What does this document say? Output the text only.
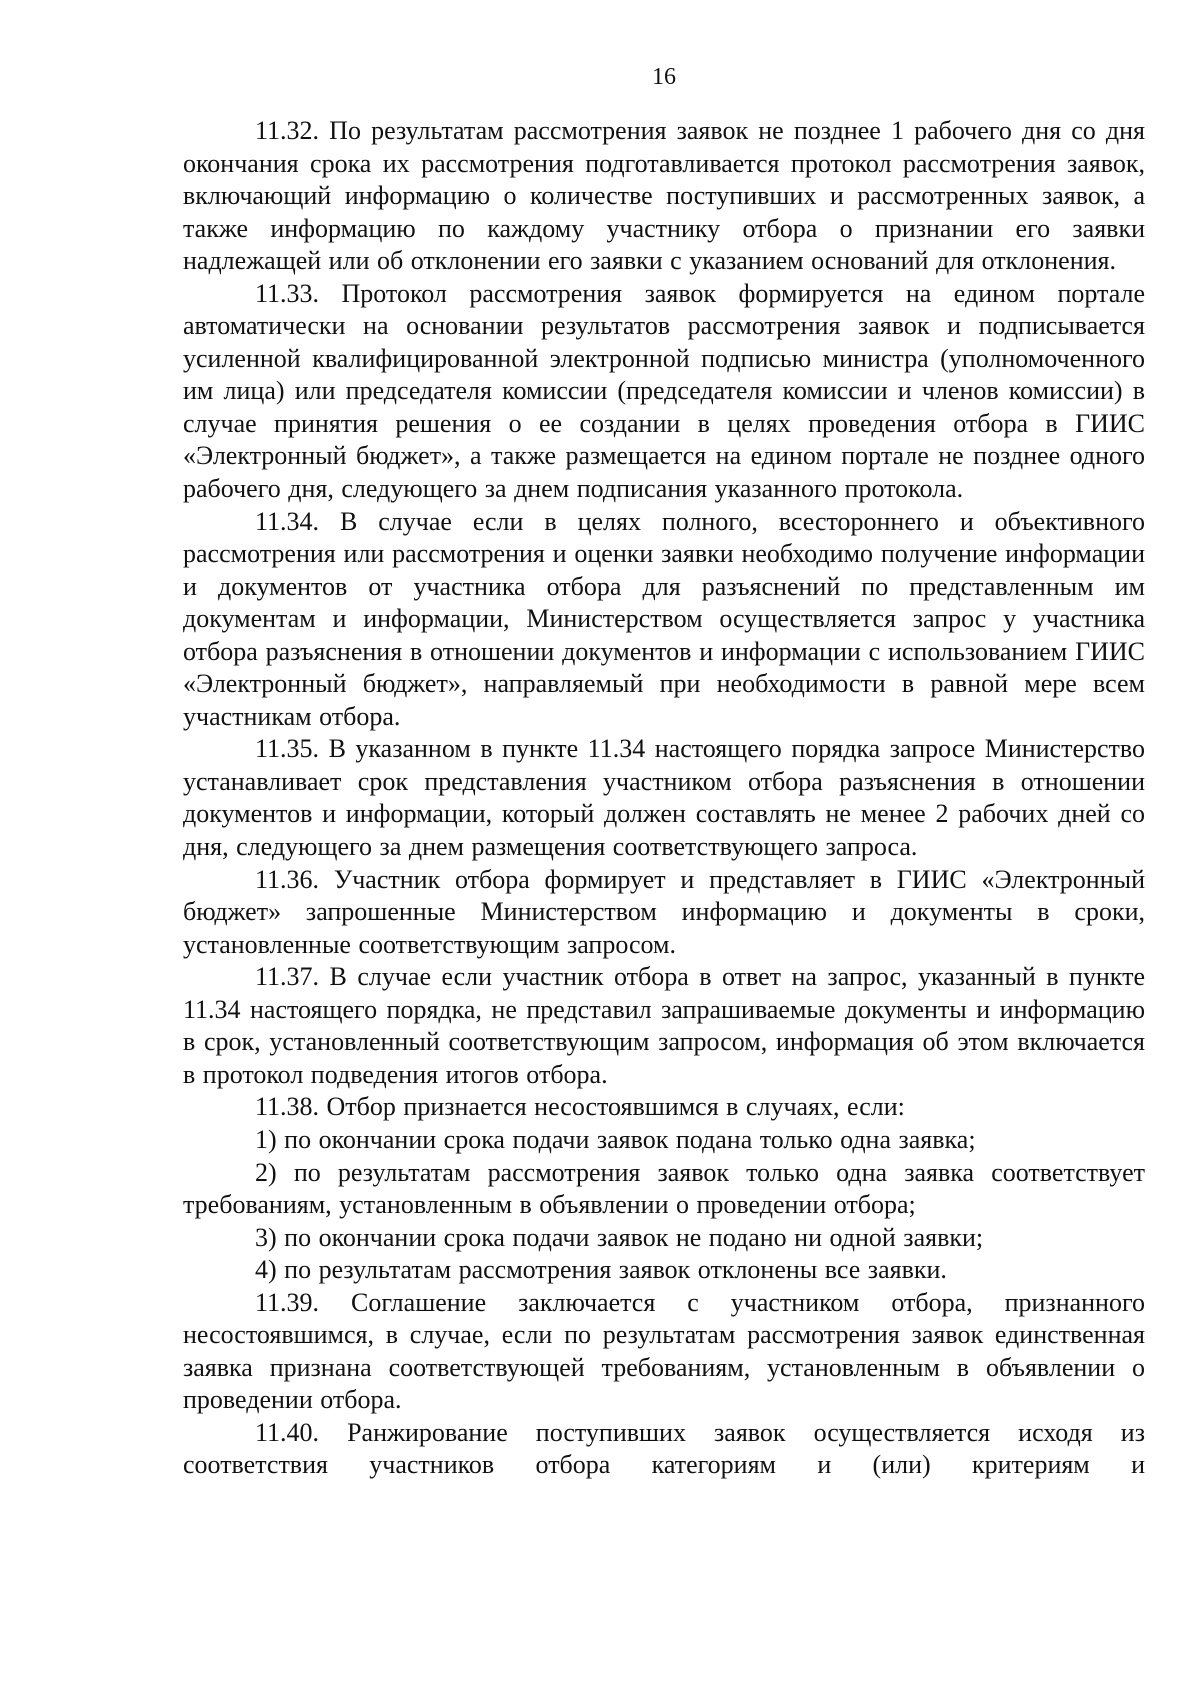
16

11.32. По результатам рассмотрения заявок не позднее 1 рабочего дня со дня окончания срока их рассмотрения подготавливается протокол рассмотрения заявок, включающий информацию о количестве поступивших и рассмотренных заявок, а также информацию по каждому участнику отбора о признании его заявки надлежащей или об отклонении его заявки с указанием оснований для отклонения.

11.33. Протокол рассмотрения заявок формируется на едином портале автоматически на основании результатов рассмотрения заявок и подписывается усиленной квалифицированной электронной подписью министра (уполномоченного им лица) или председателя комиссии (председателя комиссии и членов комиссии) в случае принятия решения о ее создании в целях проведения отбора в ГИИС «Электронный бюджет», а также размещается на едином портале не позднее одного рабочего дня, следующего за днем подписания указанного протокола.

11.34. В случае если в целях полного, всестороннего и объективного рассмотрения или рассмотрения и оценки заявки необходимо получение информации и документов от участника отбора для разъяснений по представленным им документам и информации, Министерством осуществляется запрос у участника отбора разъяснения в отношении документов и информации с использованием ГИИС «Электронный бюджет», направляемый при необходимости в равной мере всем участникам отбора.

11.35. В указанном в пункте 11.34 настоящего порядка запросе Министерство устанавливает срок представления участником отбора разъяснения в отношении документов и информации, который должен составлять не менее 2 рабочих дней со дня, следующего за днем размещения соответствующего запроса.

11.36. Участник отбора формирует и представляет в ГИИС «Электронный бюджет» запрошенные Министерством информацию и документы в сроки, установленные соответствующим запросом.

11.37. В случае если участник отбора в ответ на запрос, указанный в пункте 11.34 настоящего порядка, не представил запрашиваемые документы и информацию в срок, установленный соответствующим запросом, информация об этом включается в протокол подведения итогов отбора.

11.38. Отбор признается несостоявшимся в случаях, если:

1) по окончании срока подачи заявок подана только одна заявка;

2) по результатам рассмотрения заявок только одна заявка соответствует требованиям, установленным в объявлении о проведении отбора;

3) по окончании срока подачи заявок не подано ни одной заявки;

4) по результатам рассмотрения заявок отклонены все заявки.

11.39. Соглашение заключается с участником отбора, признанного несостоявшимся, в случае, если по результатам рассмотрения заявок единственная заявка признана соответствующей требованиям, установленным в объявлении о проведении отбора.

11.40. Ранжирование поступивших заявок осуществляется исходя из соответствия участников отбора категориям и (или) критериям и
